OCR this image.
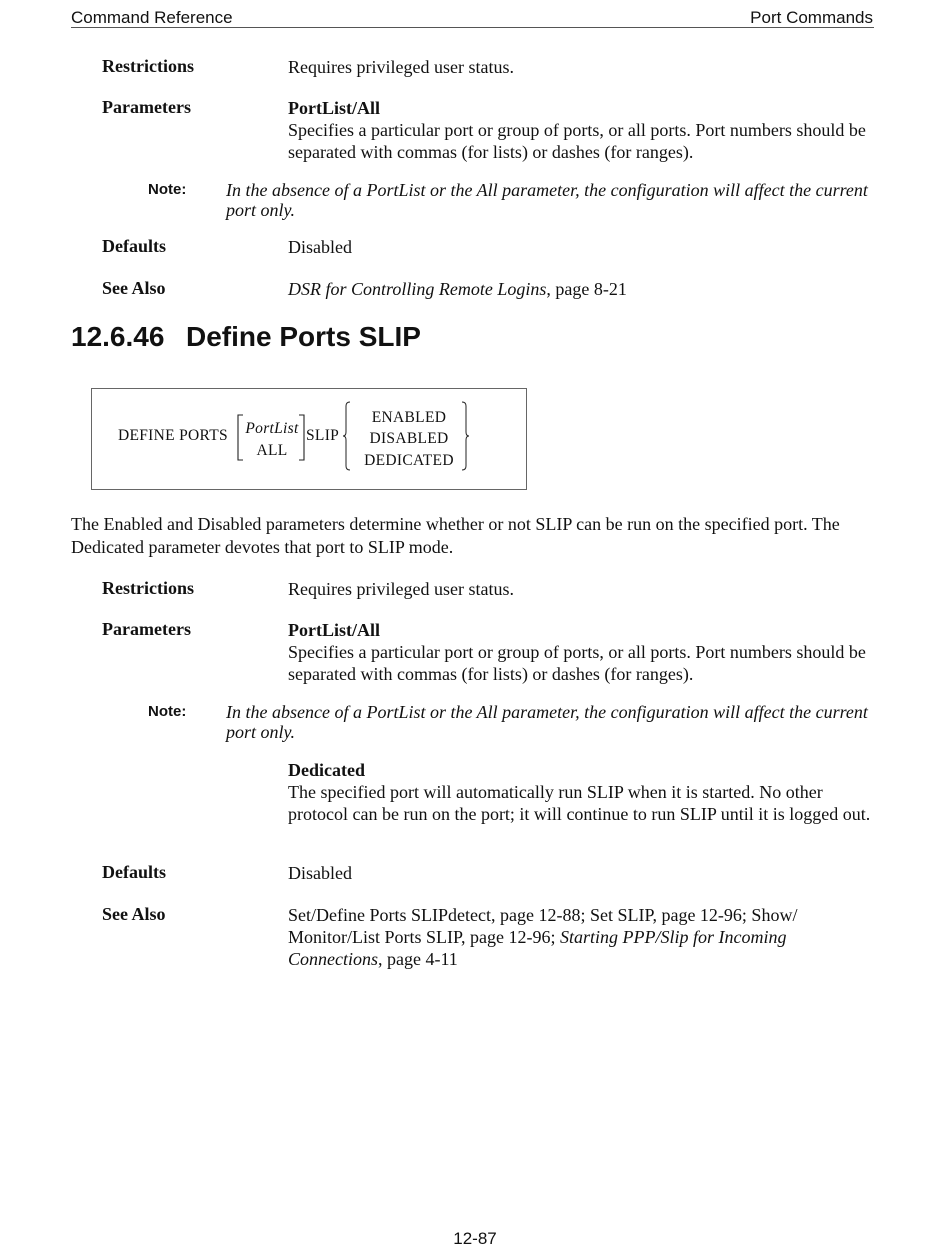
Command Reference	Port Commands
Restrictions	Requires privileged user status.
Parameters	PortList/All
Specifies a particular port or group of ports, or all ports. Port numbers should be separated with commas (for lists) or dashes (for ranges).
Note: In the absence of a PortList or the All parameter, the configuration will affect the current port only.
Defaults	Disabled
See Also	DSR for Controlling Remote Logins, page 8-21
12.6.46 Define Ports SLIP
DEFINE PORTS PortList
ALL
SLIP
ENABLED
DISABLED
DEDICATED
The Enabled and Disabled parameters determine whether or not SLIP can be run on the specified port. The Dedicated parameter devotes that port to SLIP mode.
Restrictions	Requires privileged user status.
Parameters	PortList/All
Specifies a particular port or group of ports, or all ports. Port numbers should be separated with commas (for lists) or dashes (for ranges).
Note: In the absence of a PortList or the All parameter, the configuration will affect the current port only.
Dedicated
The specified port will automatically run SLIP when it is started. No other protocol can be run on the port; it will continue to run SLIP until it is logged out.
Defaults	Disabled
See Also	Set/Define Ports SLIPdetect, page 12-88; Set SLIP, page 12-96; Show/ Monitor/List Ports SLIP, page 12-96; Starting PPP/Slip for Incoming Connections, page 4-11
12-87
